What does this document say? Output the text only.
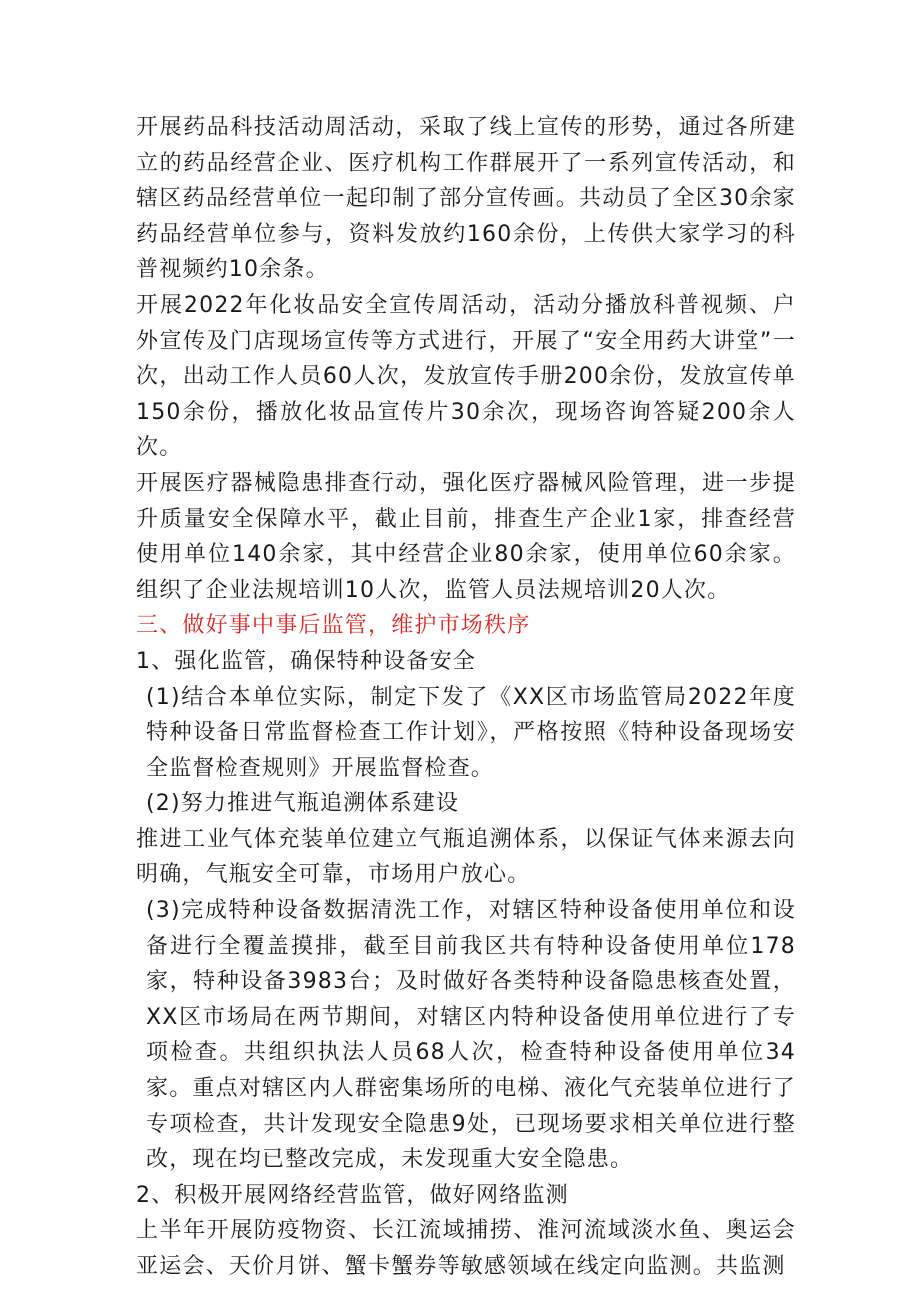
开展药品科技活动周活动，采取了线上宣传的形势，通过各所建立的药品经营企业、医疗机构工作群展开了一系列宣传活动，和辖区药品经营单位一起印制了部分宣传画。共动员了全区30余家药品经营单位参与，资料发放约160余份，上传供大家学习的科普视频约10余条。

开展2022年化妆品安全宣传周活动，活动分播放科普视频、户外宣传及门店现场宣传等方式进行，开展了“安全用药大讲堂”一次，出动工作人员60人次，发放宣传手册200余份，发放宣传单150余份，播放化妆品宣传片30余次，现场咨询答疑200余人次。

开展医疗器械隐患排查行动，强化医疗器械风险管理，进一步提升质量安全保障水平，截止目前，排查生产企业1家，排查经营使用单位140余家，其中经营企业80余家，使用单位60余家。组织了企业法规培训10人次，监管人员法规培训20人次。

三、做好事中事后监管，维护市场秩序

1、强化监管，确保特种设备安全

(1)结合本单位实际，制定下发了《XX区市场监管局2022年度特种设备日常监督检查工作计划》，严格按照《特种设备现场安全监督检查规则》开展监督检查。

(2)努力推进气瓶追溯体系建设

推进工业气体充装单位建立气瓶追溯体系，以保证气体来源去向明确，气瓶安全可靠，市场用户放心。

(3)完成特种设备数据清洗工作，对辖区特种设备使用单位和设备进行全覆盖摸排，截至目前我区共有特种设备使用单位178家，特种设备3983台；及时做好各类特种设备隐患核查处置，XX区市场局在两节期间，对辖区内特种设备使用单位进行了专项检查。共组织执法人员68人次，检查特种设备使用单位34家。重点对辖区内人群密集场所的电梯、液化气充装单位进行了专项检查，共计发现安全隐患9处，已现场要求相关单位进行整改，现在均已整改完成，未发现重大安全隐患。

2、积极开展网络经营监管，做好网络监测

上半年开展防疫物资、长江流域捕捞、淮河流域淡水鱼、奥运会亚运会、天价月饼、蟹卡蟹券等敏感领域在线定向监测。共监测
